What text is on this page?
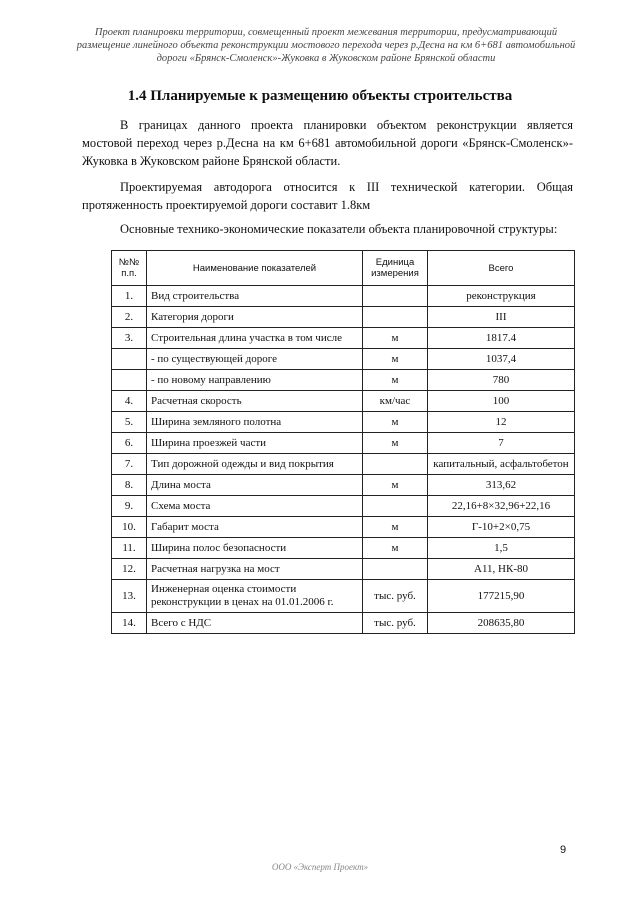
Проект планировки территории, совмещенный проект межевания территории, предусматривающий размещение линейного объекта реконструкции мостового перехода через р.Десна на км 6+681 автомобильной дороги «Брянск-Смоленск»-Жуковка в Жуковском районе Брянской области
1.4 Планируемые к размещению объекты строительства
В границах данного проекта планировки объектом реконструкции является мостовой переход через р.Десна на км 6+681 автомобильной дороги «Брянск-Смоленск»-Жуковка в Жуковском районе Брянской области.
Проектируемая автодорога относится к III технической категории. Общая протяженность проектируемой дороги составит 1.8км
Основные технико-экономические показатели объекта планировочной структуры:
№№ п.п.	Наименование показателей	Единица измерения	Всего
1.	Вид строительства		реконструкция
2.	Категория дороги		III
3.	Строительная длина участка в том числе	м	1817.4
	- по существующей дороге	м	1037,4
	- по новому направлению	м	780
4.	Расчетная скорость	км/час	100
5.	Ширина земляного полотна	м	12
6.	Ширина проезжей части	м	7
7.	Тип дорожной одежды и вид покрытия		капитальный, асфальтобетон
8.	Длина моста	м	313,62
9.	Схема моста		22,16+8×32,96+22,16
10.	Габарит моста	м	Г-10+2×0,75
11.	Ширина полос безопасности	м	1,5
12.	Расчетная нагрузка на мост		А11, НК-80
13.	Инженерная оценка стоимости реконструкции в ценах на 01.01.2006 г.	тыс. руб.	177215,90
14.	Всего с НДС	тыс. руб.	208635,80
9
ООО «Эксперт Проект»
